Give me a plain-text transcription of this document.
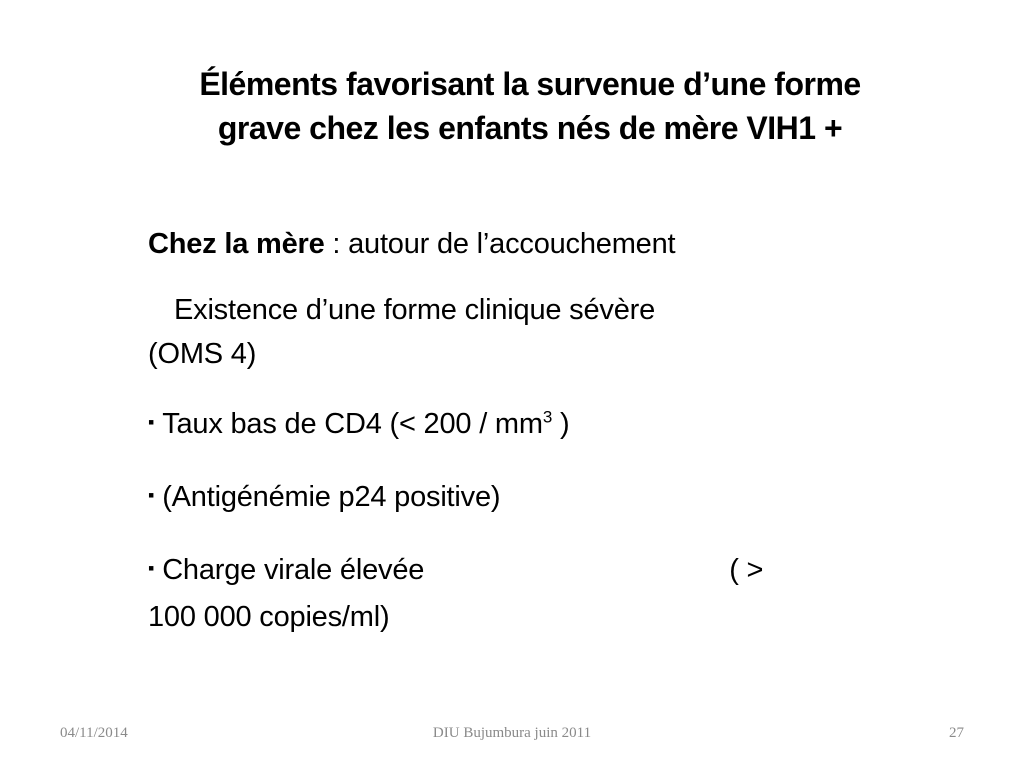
Éléments favorisant la survenue d’une forme
grave chez les enfants nés de mère VIH1 +
Chez la mère : autour de l’accouchement
Existence d’une forme clinique sévère
(OMS 4)
▪ Taux bas de CD4 (< $200 / mm^3$ )
▪ (Antigénémie p24 positive)
▪ Charge virale élevée	( >
100 000 copies/ml)
04/11/2014	DIU Bujumbura juin 2011	27
